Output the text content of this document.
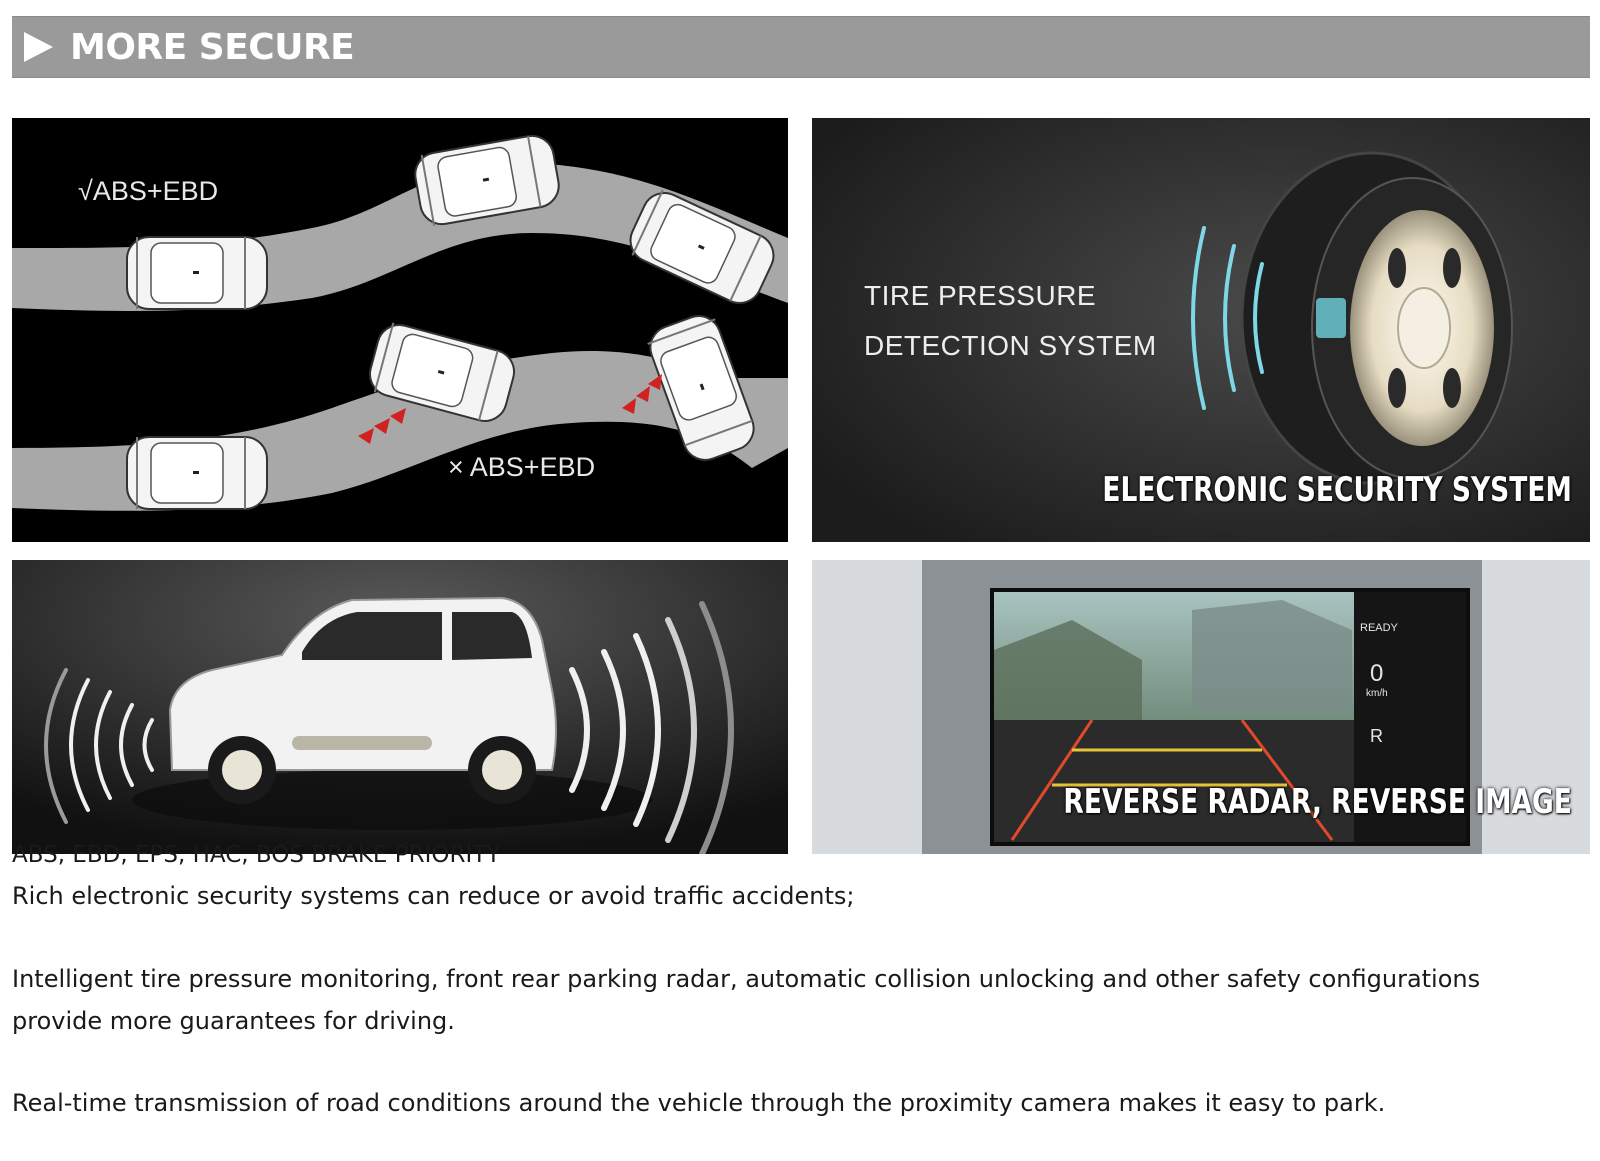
MORE SECURE
√ABS+EBD
× ABS+EBD
TIRE PRESSURE
DETECTION SYSTEM
ELECTRONIC SECURITY SYSTEM
READY
0
km/h
R
REVERSE RADAR, REVERSE IMAGE
ABS, EBD, EPS, HAC, BOS BRAKE PRIORITY
Rich electronic security systems can reduce or avoid traffic accidents;
Intelligent tire pressure monitoring, front rear parking radar, automatic collision unlocking and other safety configurations
provide more guarantees for driving.
Real-time transmission of road conditions around the vehicle through the proximity camera makes it easy to park.
